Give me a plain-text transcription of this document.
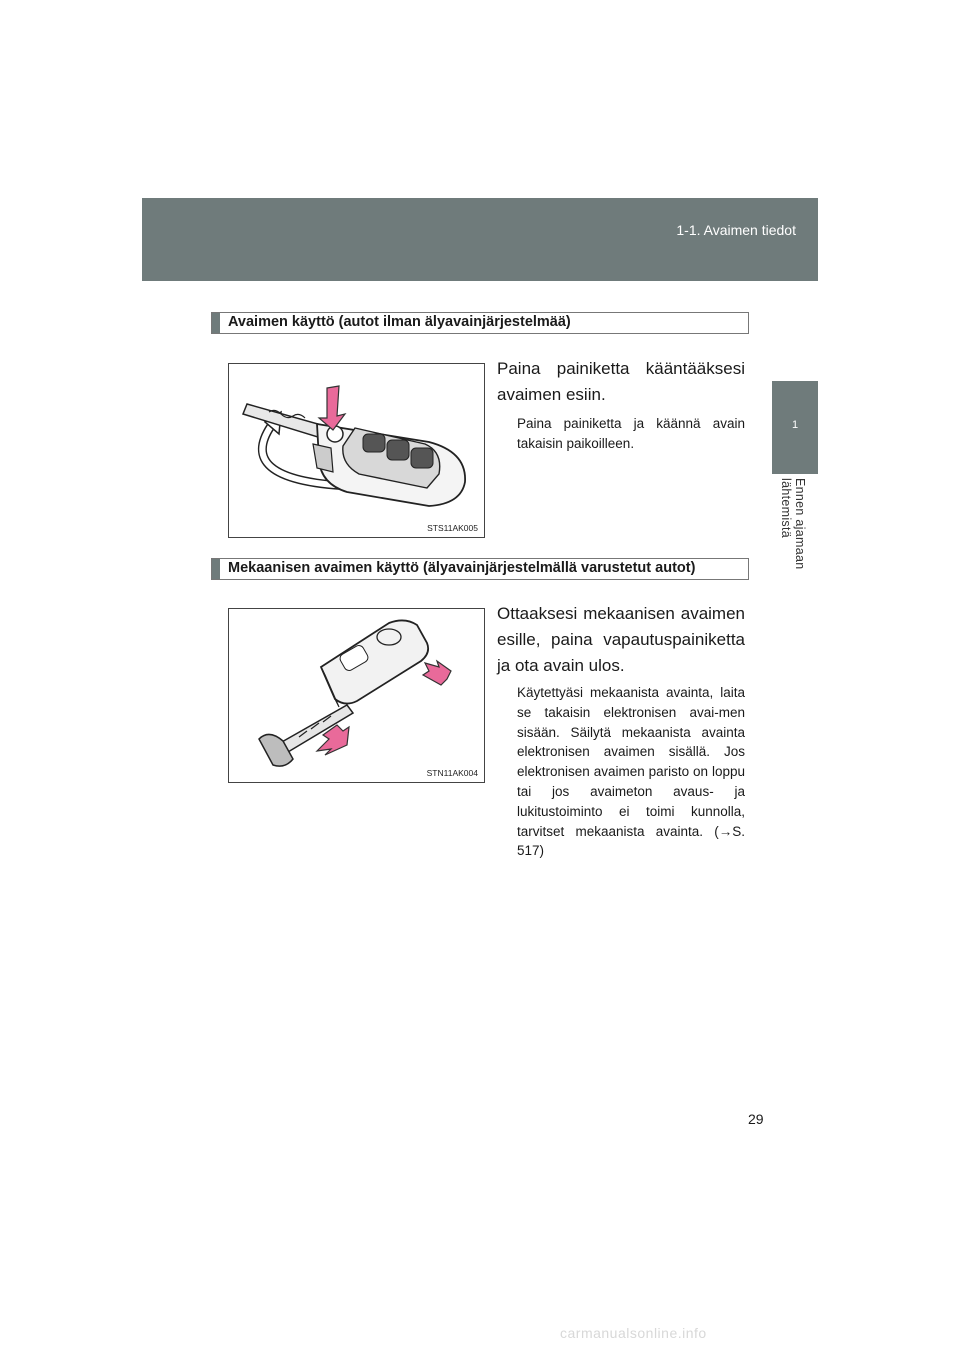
1-1. Avaimen tiedot
1
Ennen ajamaan lähtemistä
Avaimen käyttö (autot ilman älyavainjärjestelmää)
STS11AK005
Paina painiketta kääntääksesi avaimen esiin.
Paina painiketta ja käännä avain takaisin paikoilleen.
Mekaanisen avaimen käyttö (älyavainjärjestelmällä varustetut autot)
STN11AK004
Ottaaksesi mekaanisen avaimen esille, paina vapautuspainiketta ja ota avain ulos.
Käytettyäsi mekaanista avainta, laita se takaisin elektronisen avai-men sisään. Säilytä mekaanista avainta elektronisen avaimen sisällä. Jos elektronisen avaimen paristo on loppu tai jos avaimeton avaus- ja lukitustoiminto ei toimi kunnolla, tarvitset mekaanista avainta. (→S. 517)
29
carmanualsonline.info
